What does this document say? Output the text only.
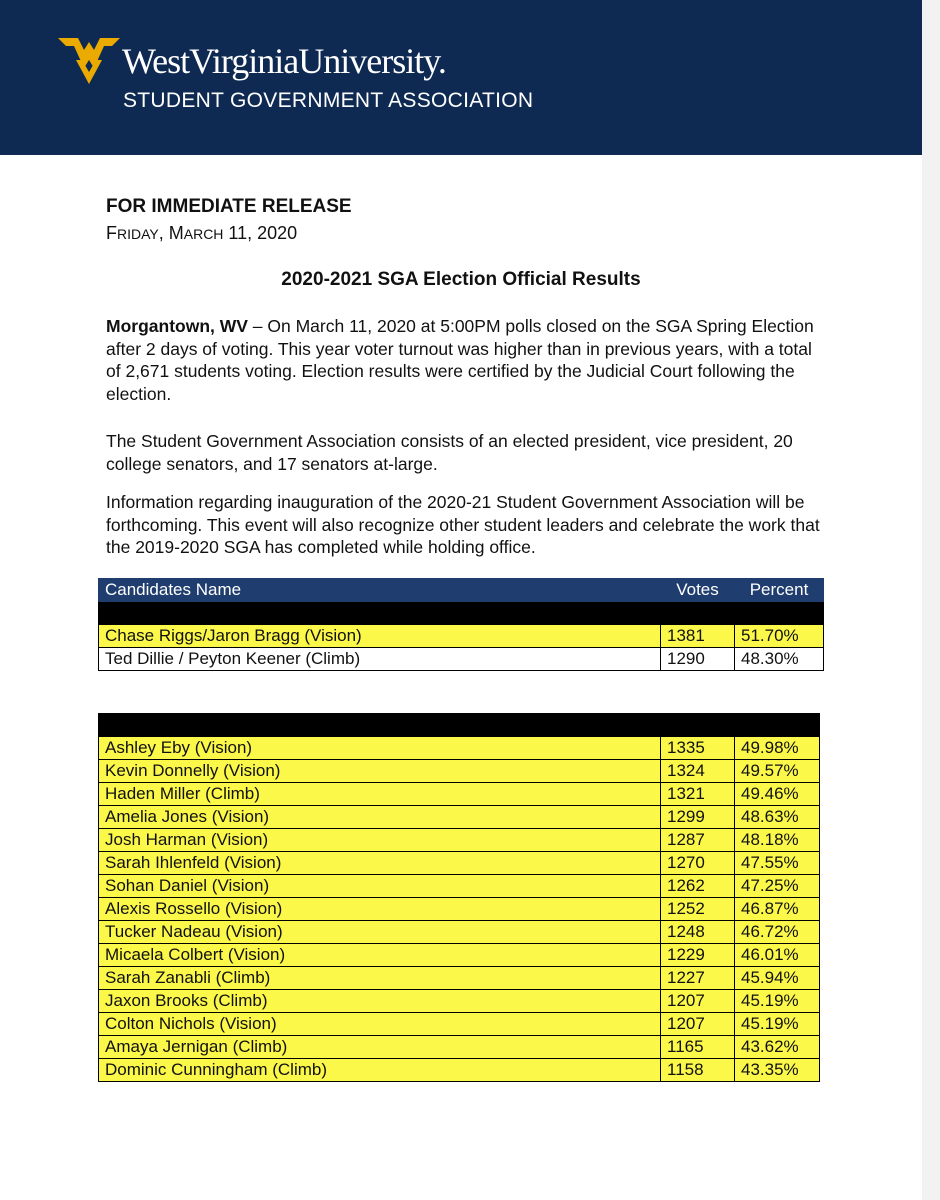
WestVirginiaUniversity.
STUDENT GOVERNMENT ASSOCIATION
FOR IMMEDIATE RELEASE
FRIDAY, MARCH 11, 2020
2020-2021 SGA Election Official Results
Morgantown, WV – On March 11, 2020 at 5:00PM polls closed on the SGA Spring Election after 2 days of voting. This year voter turnout was higher than in previous years, with a total of 2,671 students voting. Election results were certified by the Judicial Court following the election.
The Student Government Association consists of an elected president, vice president, 20 college senators, and 17 senators at-large.
Information regarding inauguration of the 2020-21 Student Government Association will be forthcoming. This event will also recognize other student leaders and celebrate the work that the 2019-2020 SGA has completed while holding office.
Candidates Name	Votes	Percent

Chase Riggs/Jaron Bragg (Vision)	1381	51.70%
Ted Dillie / Peyton Keener (Climb)	1290	48.30%

Ashley Eby (Vision)	1335	49.98%
Kevin Donnelly (Vision)	1324	49.57%
Haden Miller (Climb)	1321	49.46%
Amelia Jones (Vision)	1299	48.63%
Josh Harman (Vision)	1287	48.18%
Sarah Ihlenfeld (Vision)	1270	47.55%
Sohan Daniel (Vision)	1262	47.25%
Alexis Rossello (Vision)	1252	46.87%
Tucker Nadeau (Vision)	1248	46.72%
Micaela Colbert (Vision)	1229	46.01%
Sarah Zanabli (Climb)	1227	45.94%
Jaxon Brooks (Climb)	1207	45.19%
Colton Nichols (Vision)	1207	45.19%
Amaya Jernigan (Climb)	1165	43.62%
Dominic Cunningham (Climb)	1158	43.35%
